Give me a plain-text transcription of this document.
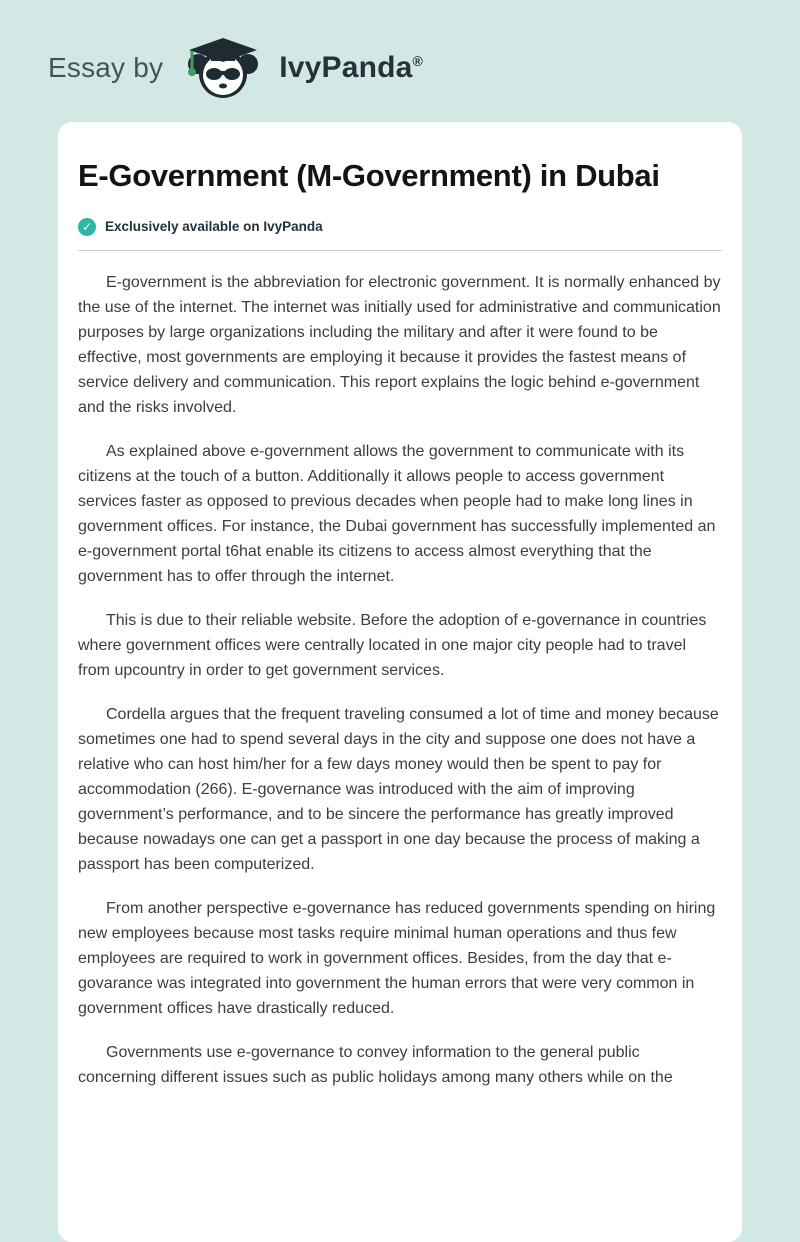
Essay by	IvyPanda ®
E-Government (M-Government) in Dubai
✓ Exclusively available on IvyPanda

E-government is the abbreviation for electronic government. It is normally enhanced by the use of the internet. The internet was initially used for administrative and communication purposes by large organizations including the military and after it were found to be effective, most governments are employing it because it provides the fastest means of service delivery and communication. This report explains the logic behind e-government and the risks involved.

As explained above e-government allows the government to communicate with its citizens at the touch of a button. Additionally it allows people to access government services faster as opposed to previous decades when people had to make long lines in government offices. For instance, the Dubai government has successfully implemented an e-government portal t6hat enable its citizens to access almost everything that the government has to offer through the internet.

This is due to their reliable website. Before the adoption of e-governance in countries where government offices were centrally located in one major city people had to travel from upcountry in order to get government services.

Cordella argues that the frequent traveling consumed a lot of time and money because sometimes one had to spend several days in the city and suppose one does not have a relative who can host him/her for a few days money would then be spent to pay for accommodation (266). E-governance was introduced with the aim of improving government’s performance, and to be sincere the performance has greatly improved because nowadays one can get a passport in one day because the process of making a passport has been computerized.

From another perspective e-governance has reduced governments spending on hiring new employees because most tasks require minimal human operations and thus few employees are required to work in government offices. Besides, from the day that e-govarance was integrated into government the human errors that were very common in government offices have drastically reduced.

Governments use e-governance to convey information to the general public concerning different issues such as public holidays among many others while on the
